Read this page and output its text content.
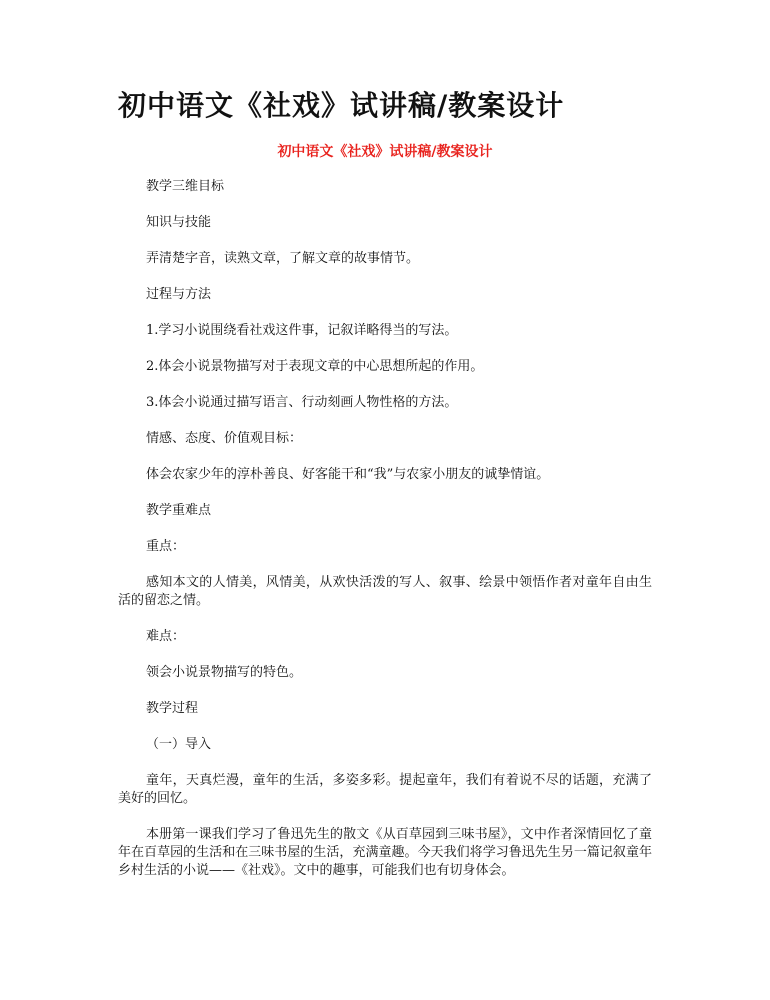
初中语文《社戏》试讲稿/教案设计
初中语文《社戏》试讲稿/教案设计

教学三维目标

知识与技能

弄清楚字音，读熟文章，了解文章的故事情节。

过程与方法

1.学习小说围绕看社戏这件事，记叙详略得当的写法。

2.体会小说景物描写对于表现文章的中心思想所起的作用。

3.体会小说通过描写语言、行动刻画人物性格的方法。

情感、态度、价值观目标：

体会农家少年的淳朴善良、好客能干和“我”与农家小朋友的诚挚情谊。

教学重难点

重点：

感知本文的人情美，风情美，从欢快活泼的写人、叙事、绘景中领悟作者对童年自由生活的留恋之情。

难点：

领会小说景物描写的特色。

教学过程

（一）导入

童年，天真烂漫，童年的生活，多姿多彩。提起童年，我们有着说不尽的话题，充满了美好的回忆。

本册第一课我们学习了鲁迅先生的散文《从百草园到三味书屋》，文中作者深情回忆了童年在百草园的生活和在三味书屋的生活，充满童趣。今天我们将学习鲁迅先生另一篇记叙童年乡村生活的小说——《社戏》。文中的趣事，可能我们也有切身体会。
